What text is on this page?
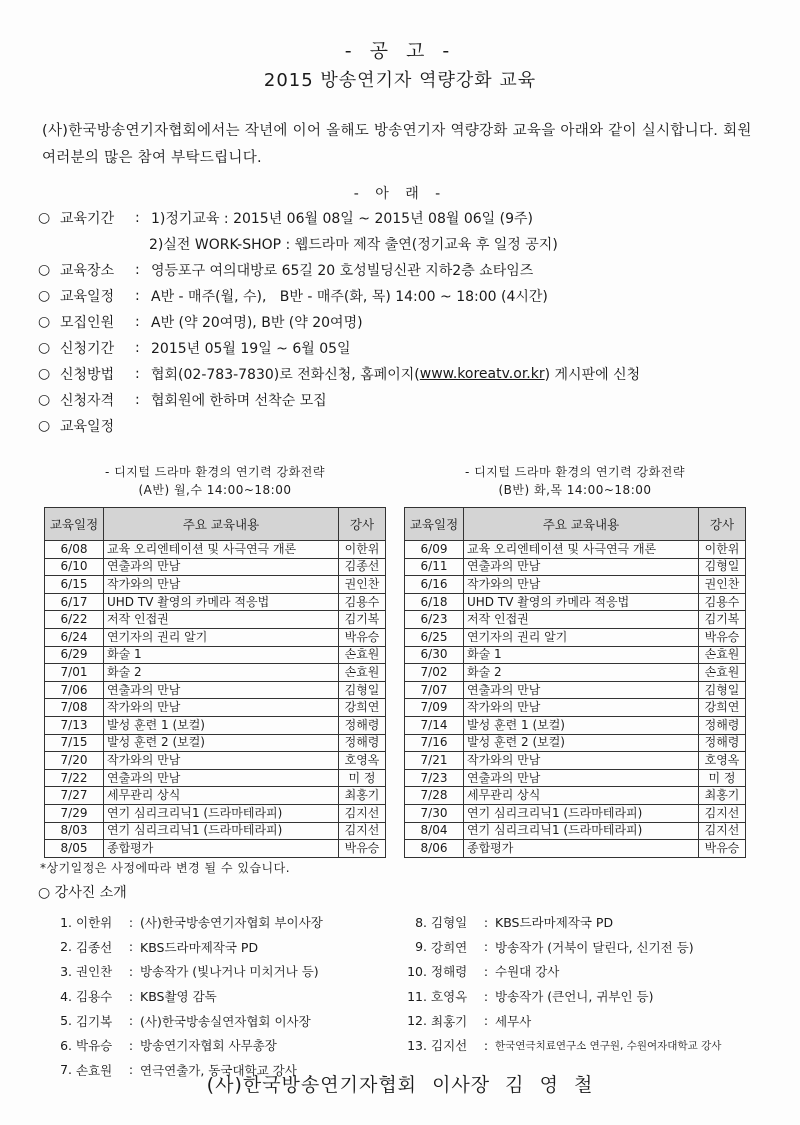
- 공 고 -
2015 방송연기자 역량강화 교육
(사)한국방송연기자협회에서는 작년에 이어 올해도 방송연기자 역량강화 교육을 아래와 같이 실시합니다. 회원 여러분의 많은 참여 부탁드립니다.
- 아 래 -
○ 교육기간	: 1)정기교육 : 2015년 06월 08일 ~ 2015년 08월 06일 (9주)
2)실전 WORK-SHOP : 웹드라마 제작 출연(정기교육 후 일정 공지)
○ 교육장소	: 영등포구 여의대방로 65길 20 호성빌딩신관 지하2층 쇼타임즈
○ 교육일정	: A반 - 매주(월, 수),   B반 - 매주(화, 목) 14:00 ~ 18:00 (4시간)
○ 모집인원	: A반 (약 20여명), B반 (약 20여명)
○ 신청기간	: 2015년 05월 19일 ~ 6월 05일
○ 신청방법	: 협회(02-783-7830)로 전화신청, 홈페이지( www.koreatv.or.kr ) 게시판에 신청
○ 신청자격	: 협회원에 한하며 선착순 모집
○ 교육일정
- 디지털 드라마 환경의 연기력 강화전략
(A반) 월,수 14:00~18:00
교육일정	주요 교육내용	강사
6/08	교육 오리엔테이션 및 사극연극 개론	이한위
6/10	연출과의 만남	김종선
6/15	작가와의 만남	권인찬
6/17	UHD TV 촬영의 카메라 적응법	김용수
6/22	저작 인접권	김기복
6/24	연기자의 권리 알기	박유승
6/29	화술 1	손효원
7/01	화술 2	손효원
7/06	연출과의 만남	김형일
7/08	작가와의 만남	강희연
7/13	발성 훈련 1 (보컬)	정해령
7/15	발성 훈련 2 (보컬)	정해령
7/20	작가와의 만남	호영옥
7/22	연출과의 만남	미 정
7/27	세무관리 상식	최홍기
7/29	연기 심리크리닉1 (드라마테라피)	김지선
8/03	연기 심리크리닉1 (드라마테라피)	김지선
8/05	종합평가	박유승
- 디지털 드라마 환경의 연기력 강화전략
(B반) 화,목 14:00~18:00
교육일정	주요 교육내용	강사
6/09	교육 오리엔테이션 및 사극연극 개론	이한위
6/11	연출과의 만남	김형일
6/16	작가와의 만남	권인찬
6/18	UHD TV 촬영의 카메라 적응법	김용수
6/23	저작 인접권	김기복
6/25	연기자의 권리 알기	박유승
6/30	화술 1	손효원
7/02	화술 2	손효원
7/07	연출과의 만남	김형일
7/09	작가와의 만남	강희연
7/14	발성 훈련 1 (보컬)	정해령
7/16	발성 훈련 2 (보컬)	정해령
7/21	작가와의 만남	호영옥
7/23	연출과의 만남	미 정
7/28	세무관리 상식	최홍기
7/30	연기 심리크리닉1 (드라마테라피)	김지선
8/04	연기 심리크리닉1 (드라마테라피)	김지선
8/06	종합평가	박유승
*상기일정은 사정에따라 변경 될 수 있습니다.
○ 강사진 소개
1. 이한위	: (사)한국방송연기자협회 부이사장
2. 김종선	: KBS드라마제작국 PD
3. 권인찬	: 방송작가 (빛나거나 미치거나 등)
4. 김용수	: KBS촬영 감독
5. 김기복	: (사)한국방송실연자협회 이사장
6. 박유승	: 방송연기자협회 사무총장
7. 손효원	: 연극연출가, 동국대학교 강사
8. 김형일	: KBS드라마제작국 PD
9. 강희연	: 방송작가 (거북이 달린다, 신기전 등)
10. 정해령	: 수원대 강사
11. 호영옥	: 방송작가 (큰언니, 귀부인 등)
12. 최홍기	: 세무사
13. 김지선	: 한국연극치료연구소 연구원, 수원여자대학교 강사
(사)한국방송연기자협회 이사장 김 영 철
